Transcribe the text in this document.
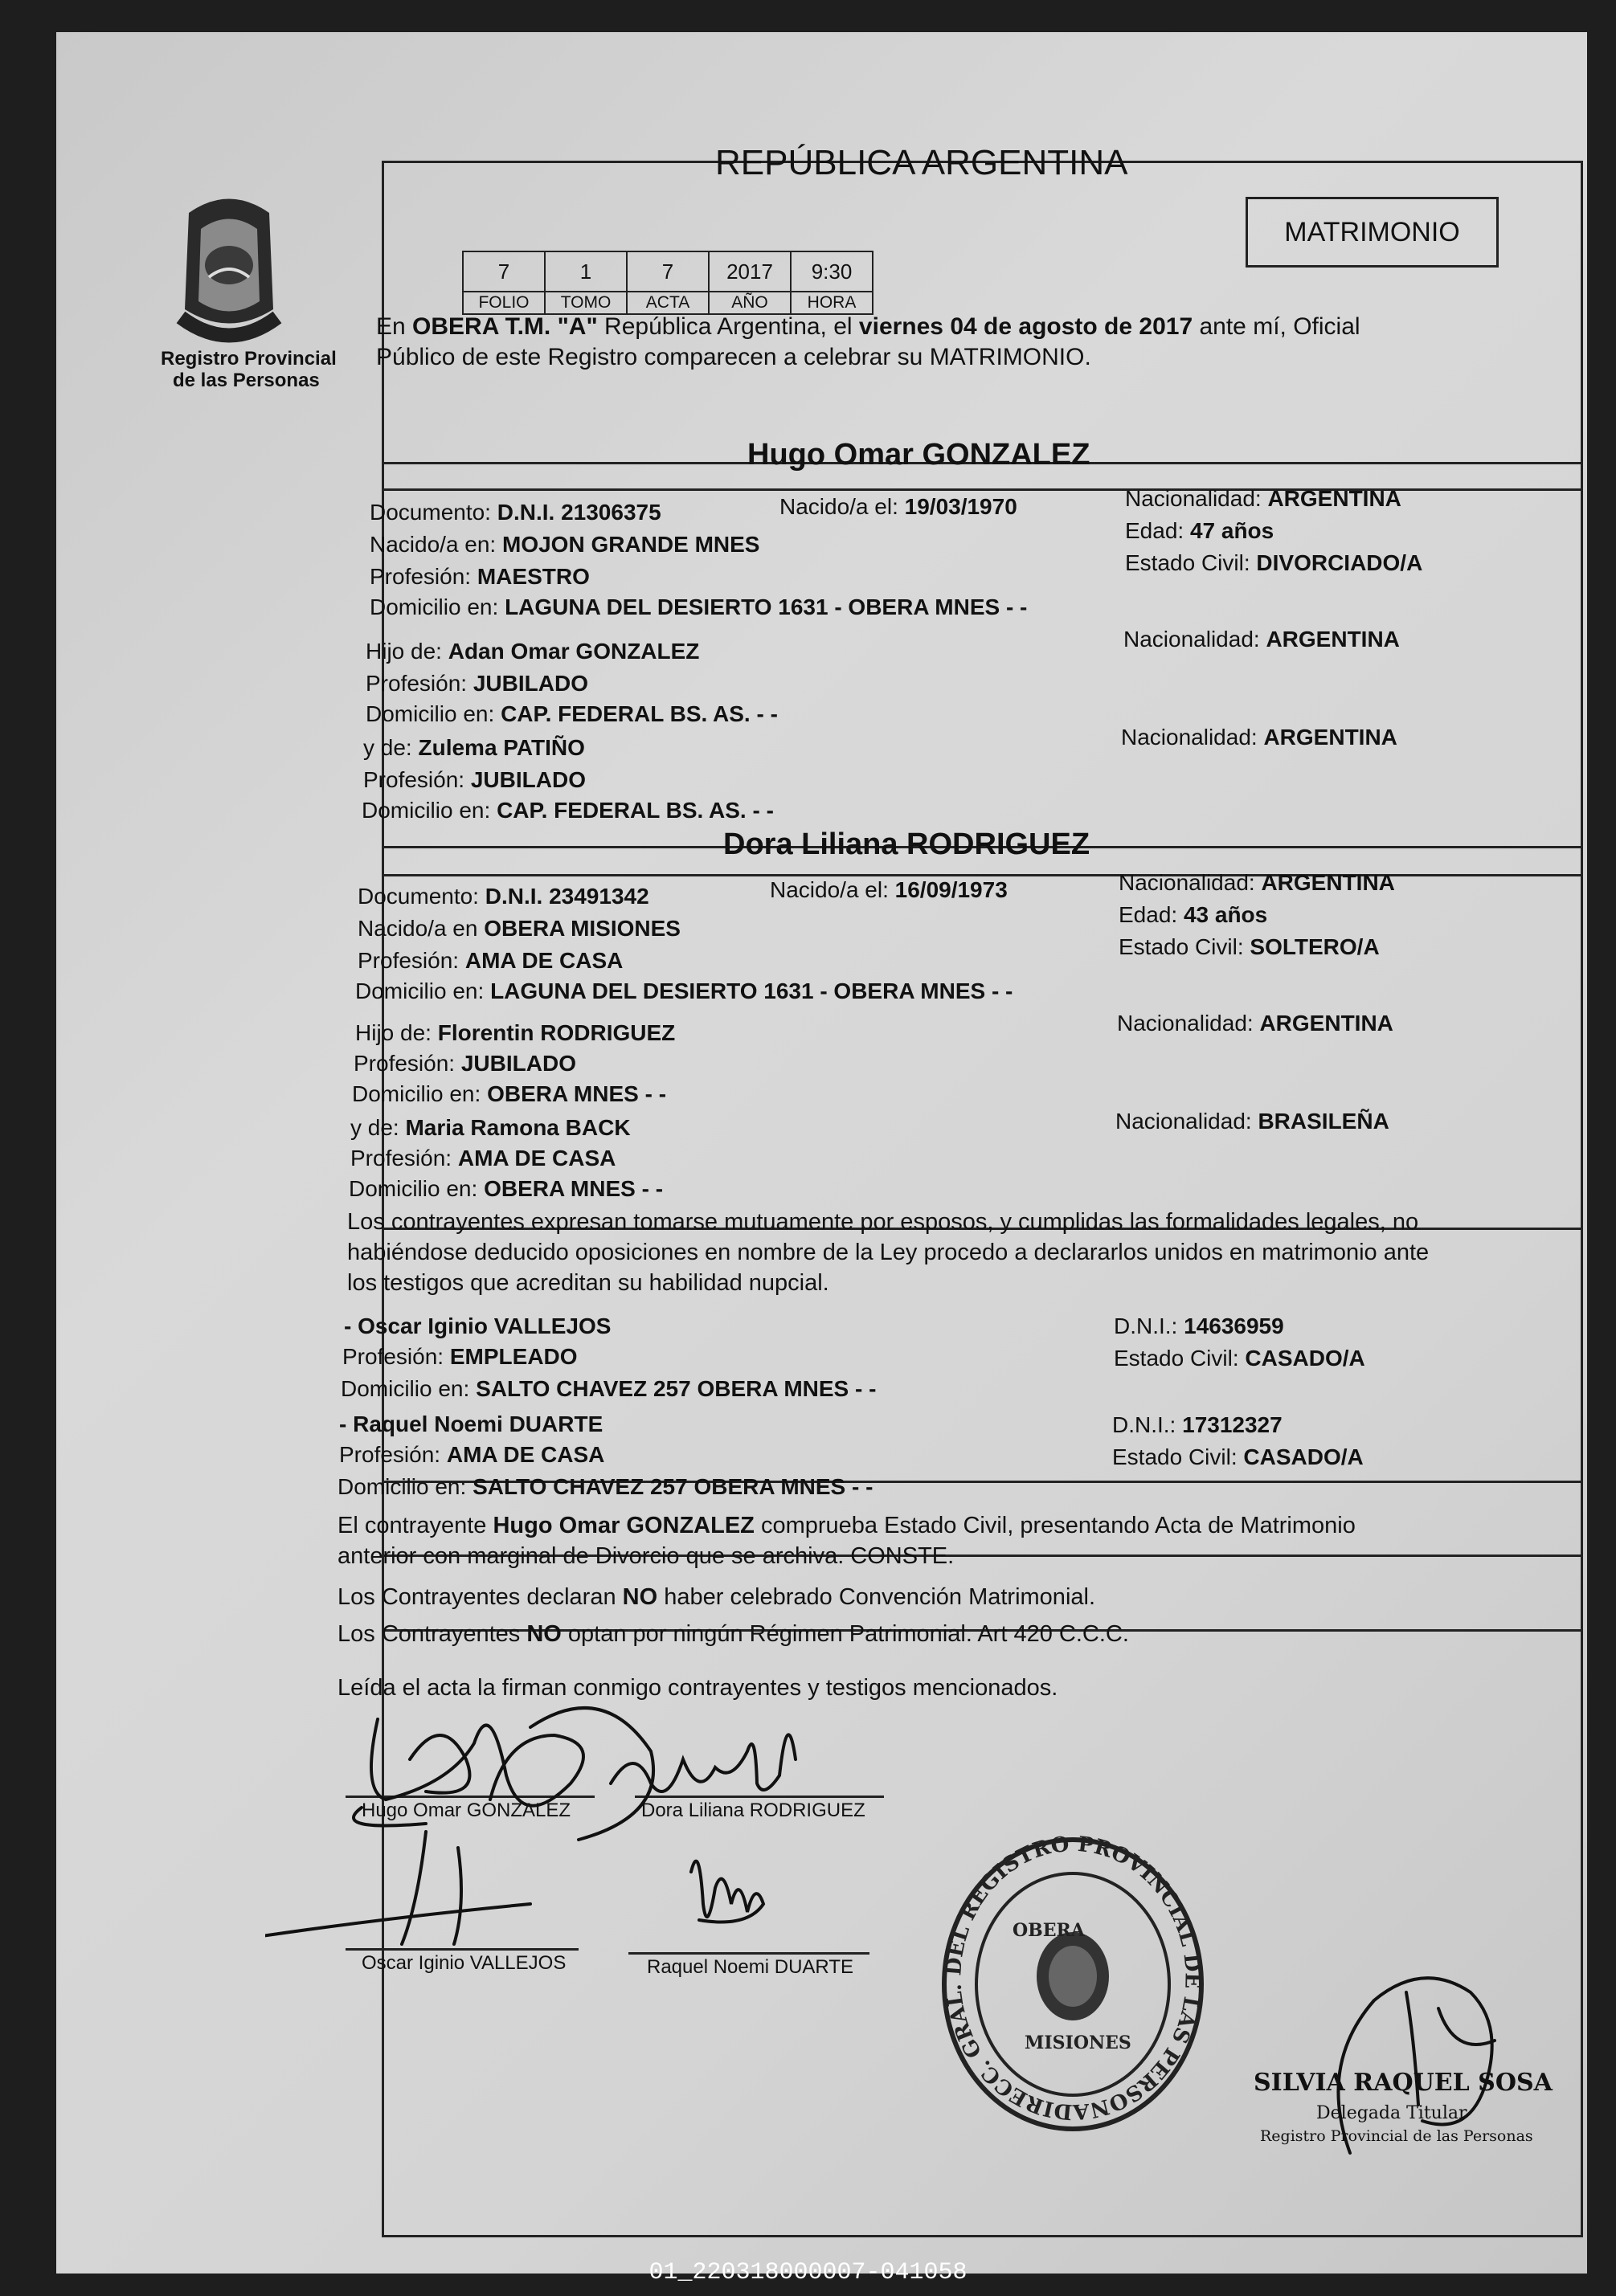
Registro Provincial
de las Personas
REPÚBLICA ARGENTINA
MATRIMONIO
7	1	7	2017	9:30
FOLIO	TOMO	ACTA	AÑO	HORA
En OBERA T.M. "A" República Argentina, el viernes 04 de agosto de 2017 ante mí, Oficial
Público de este Registro comparecen a celebrar su MATRIMONIO.
Hugo Omar GONZALEZ
Documento: D.N.I. 21306375	Nacido/a el: 19/03/1970	Nacionalidad: ARGENTINA
Edad: 47 años
Estado Civil: DIVORCIADO/A
Nacido/a en: MOJON GRANDE MNES
Profesión: MAESTRO
Domicilio en: LAGUNA DEL DESIERTO 1631 - OBERA MNES - -
Hijo de: Adan Omar GONZALEZ	Nacionalidad: ARGENTINA
Profesión: JUBILADO
Domicilio en: CAP. FEDERAL BS. AS. - -
y de: Zulema PATIÑO	Nacionalidad: ARGENTINA
Profesión: JUBILADO
Domicilio en: CAP. FEDERAL BS. AS. - -
Dora Liliana RODRIGUEZ
Documento: D.N.I. 23491342	Nacido/a el: 16/09/1973	Nacionalidad: ARGENTINA
Edad: 43 años
Estado Civil: SOLTERO/A
Nacido/a en OBERA MISIONES
Profesión: AMA DE CASA
Domicilio en: LAGUNA DEL DESIERTO 1631 - OBERA MNES - -
Hijo de: Florentin RODRIGUEZ	Nacionalidad: ARGENTINA
Profesión: JUBILADO
Domicilio en: OBERA MNES - -
y de: Maria Ramona BACK	Nacionalidad: BRASILEÑA
Profesión: AMA DE CASA
Domicilio en: OBERA MNES - -
Los contrayentes expresan tomarse mutuamente por esposos, y cumplidas las formalidades legales, no
habiéndose deducido oposiciones en nombre de la Ley procedo a declararlos unidos en matrimonio ante
los testigos que acreditan su habilidad nupcial.
- Oscar Iginio VALLEJOS
Profesión: EMPLEADO
Domicilio en: SALTO CHAVEZ 257 OBERA MNES - -
D.N.I.: 14636959
Estado Civil: CASADO/A
- Raquel Noemi DUARTE
Profesión: AMA DE CASA
Domicilio en: SALTO CHAVEZ 257 OBERA MNES - -
D.N.I.: 17312327
Estado Civil: CASADO/A
El contrayente Hugo Omar GONZALEZ comprueba Estado Civil, presentando Acta de Matrimonio
anterior con marginal de Divorcio que se archiva. CONSTE.
Los Contrayentes declaran NO haber celebrado Convención Matrimonial.
Los Contrayentes NO optan por ningún Régimen Patrimonial. Art 420 C.C.C.
Leída el acta la firman conmigo contrayentes y testigos mencionados.
Hugo Omar GONZALEZ	Dora Liliana RODRIGUEZ
Oscar Iginio VALLEJOS	Raquel Noemi DUARTE
DIRECC. GRAL. DEL REGISTRO PROVINCIAL DE LAS PERSONA
MISIONES
OBERA
SILVIA RAQUEL SOSA
Delegada Titular
Registro Provincial de las Personas
01_220318000007-041058
